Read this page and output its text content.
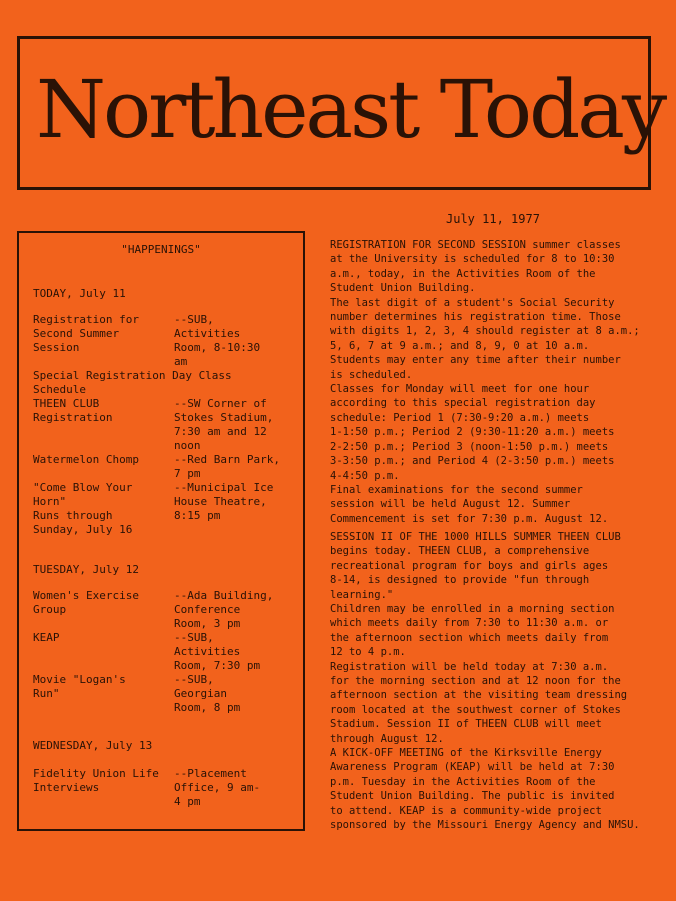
Northeast Today
July 11, 1977
"HAPPENINGS"
TODAY, July 11
Registration for
Second Summer
Session
--SUB,
Activities
Room, 8-10:30
am
Special Registration Day Class
Schedule
THEEN CLUB
Registration
--SW Corner of
Stokes Stadium,
7:30 am and 12
noon
Watermelon Chomp	--Red Barn Park,
7 pm
"Come Blow Your
Horn"
Runs through
Sunday, July 16
--Municipal Ice
House Theatre,
8:15 pm
TUESDAY, July 12
Women's Exercise
Group
--Ada Building,
Conference
Room, 3 pm
KEAP	--SUB,
Activities
Room, 7:30 pm
Movie "Logan's
Run"
--SUB,
Georgian
Room, 8 pm
WEDNESDAY, July 13
Fidelity Union Life
Interviews
--Placement
Office, 9 am-
4 pm
REGISTRATION FOR SECOND SESSION summer classes
at the University is scheduled for 8 to 10:30
a.m., today, in the Activities Room of the
Student Union Building.
The last digit of a student's Social Security
number determines his registration time. Those
with digits 1, 2, 3, 4 should register at 8 a.m.;
5, 6, 7 at 9 a.m.; and 8, 9, 0 at 10 a.m.
Students may enter any time after their number
is scheduled.
Classes for Monday will meet for one hour
according to this special registration day
schedule: Period 1 (7:30-9:20 a.m.) meets
1-1:50 p.m.; Period 2 (9:30-11:20 a.m.) meets
2-2:50 p.m.; Period 3 (noon-1:50 p.m.) meets
3-3:50 p.m.; and Period 4 (2-3:50 p.m.) meets
4-4:50 p.m.
Final examinations for the second summer
session will be held August 12. Summer
Commencement is set for 7:30 p.m. August 12.
SESSION II OF THE 1000 HILLS SUMMER THEEN CLUB
begins today. THEEN CLUB, a comprehensive
recreational program for boys and girls ages
8-14, is designed to provide "fun through
learning."
Children may be enrolled in a morning section
which meets daily from 7:30 to 11:30 a.m. or
the afternoon section which meets daily from
12 to 4 p.m.
Registration will be held today at 7:30 a.m.
for the morning section and at 12 noon for the
afternoon section at the visiting team dressing
room located at the southwest corner of Stokes
Stadium. Session II of THEEN CLUB will meet
through August 12.
A KICK-OFF MEETING of the Kirksville Energy
Awareness Program (KEAP) will be held at 7:30
p.m. Tuesday in the Activities Room of the
Student Union Building. The public is invited
to attend. KEAP is a community-wide project
sponsored by the Missouri Energy Agency and NMSU.
